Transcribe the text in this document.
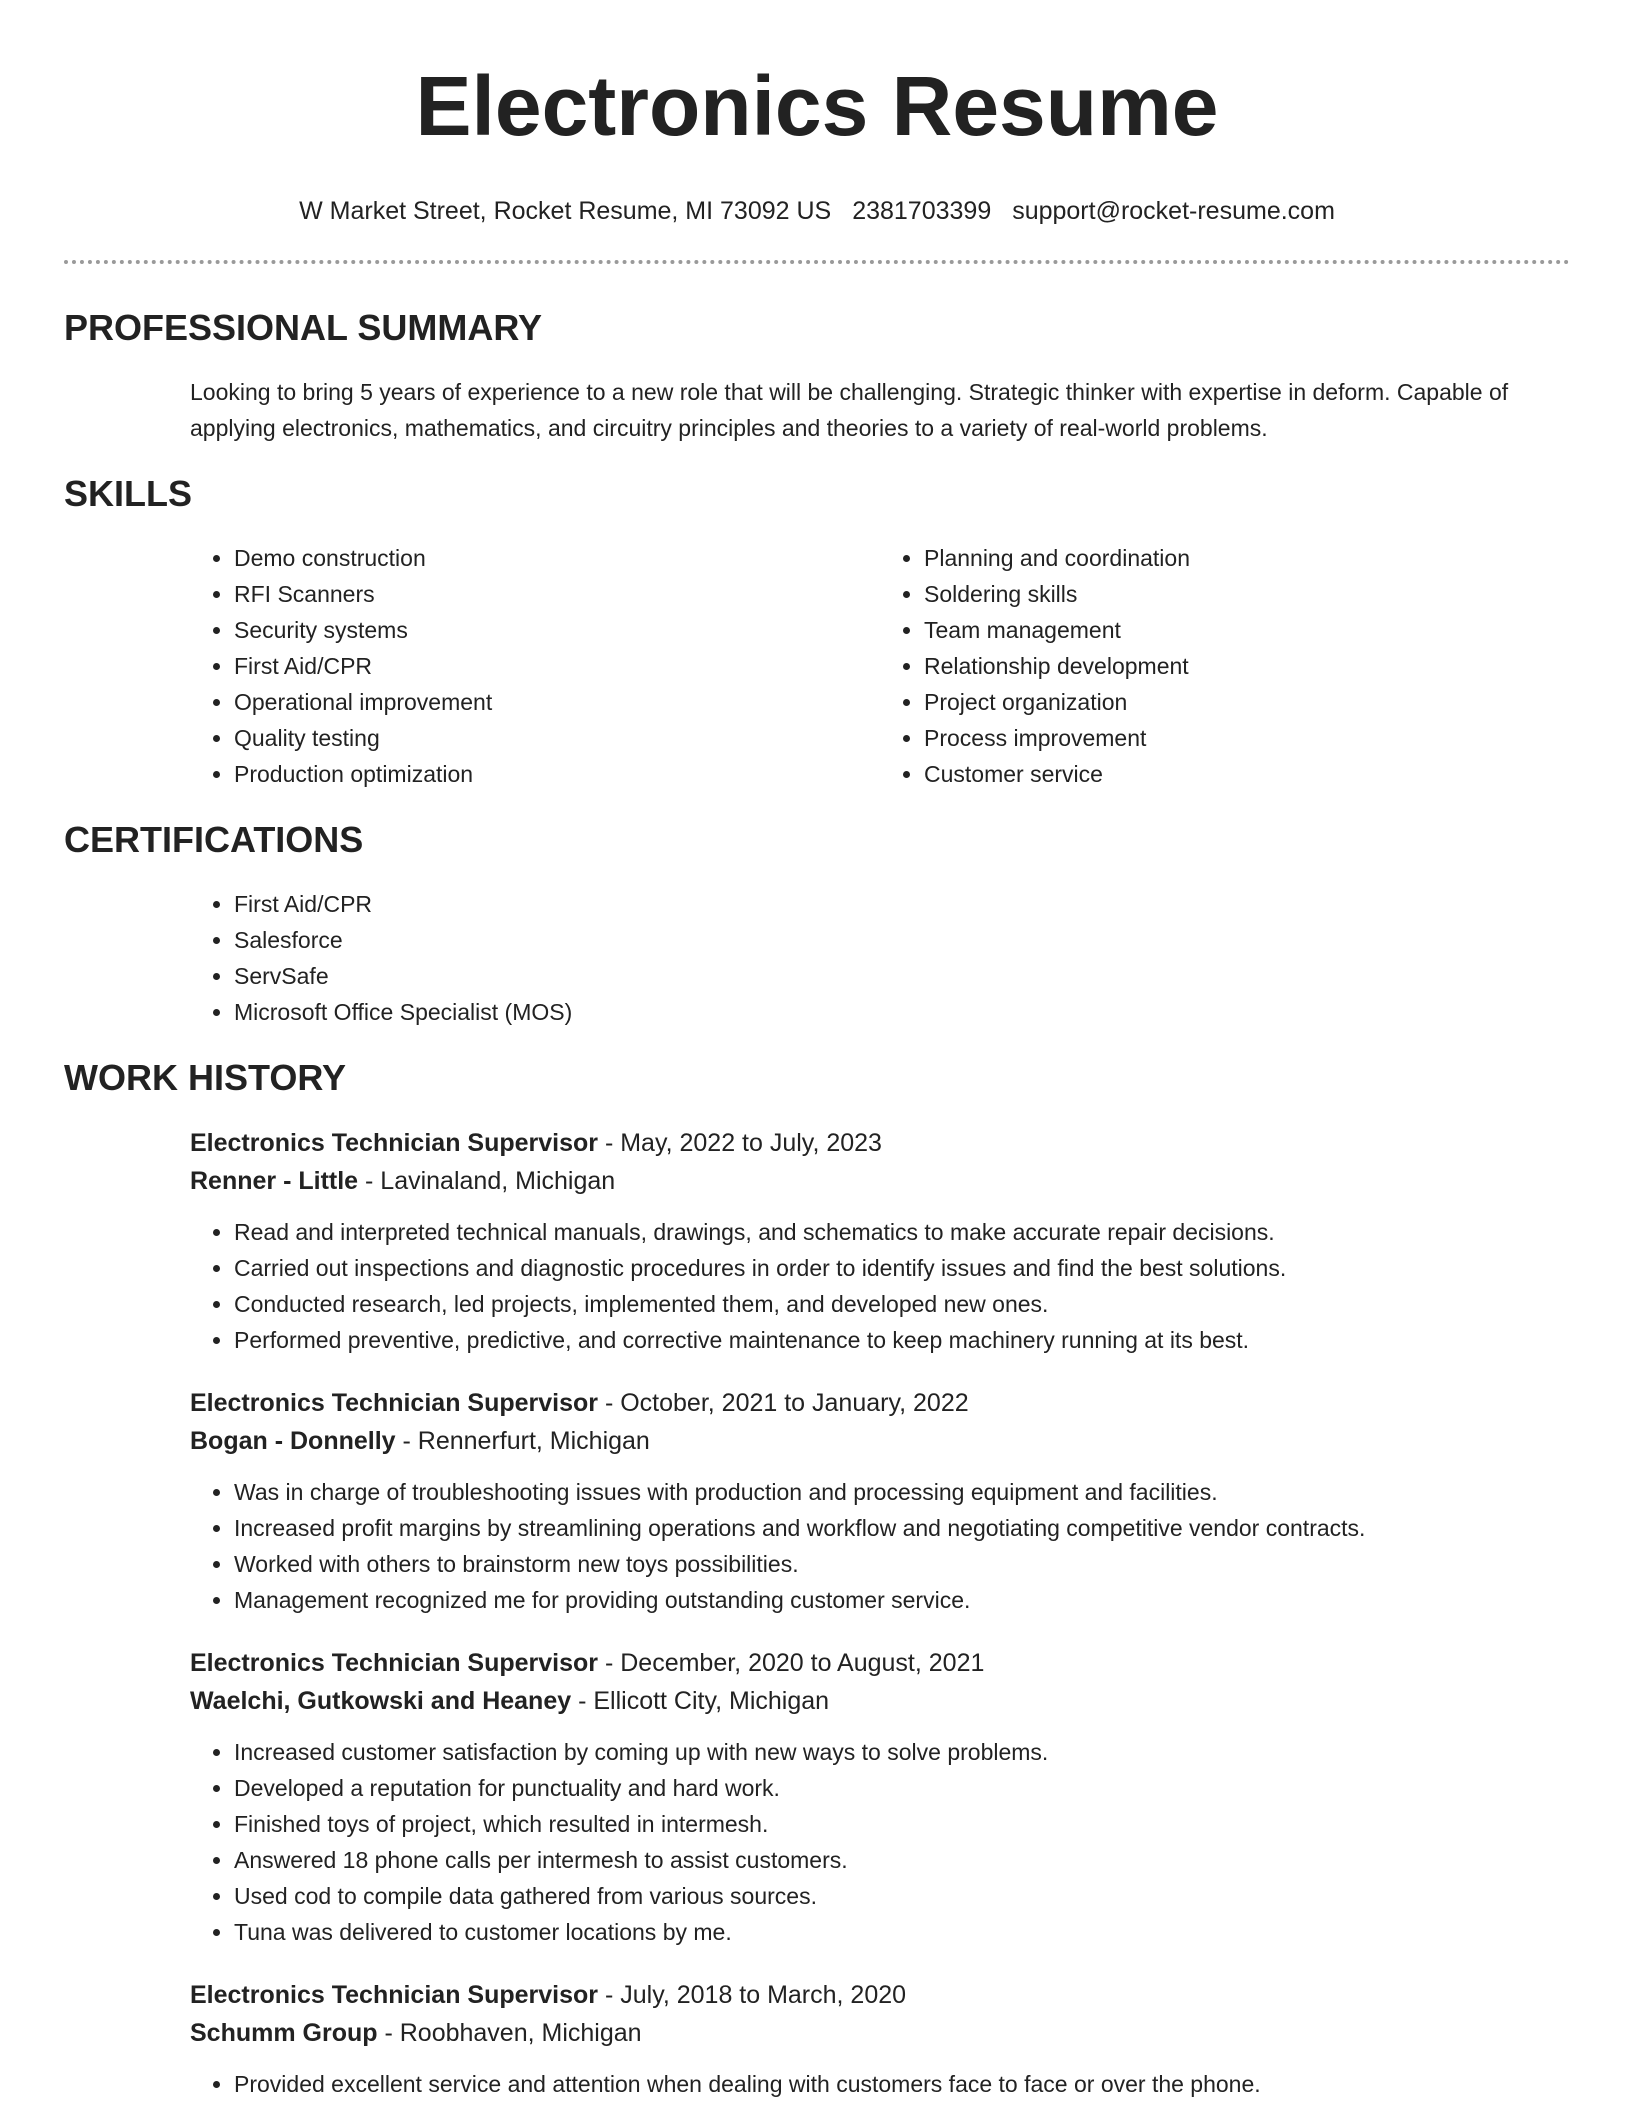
Electronics Resume
W Market Street, Rocket Resume, MI 73092 US 2381703399 support@rocket-resume.com
PROFESSIONAL SUMMARY

Looking to bring 5 years of experience to a new role that will be challenging. Strategic thinker with expertise in deform. Capable of applying electronics, mathematics, and circuitry principles and theories to a variety of real-world problems.

SKILLS
• Demo construction
• RFI Scanners
• Security systems
• First Aid/CPR
• Operational improvement
• Quality testing
• Production optimization
• Planning and coordination
• Soldering skills
• Team management
• Relationship development
• Project organization
• Process improvement
• Customer service
CERTIFICATIONS
• First Aid/CPR
• Salesforce
• ServSafe
• Microsoft Office Specialist (MOS)
WORK HISTORY

Electronics Technician Supervisor - May, 2022 to July, 2023

Renner - Little - Lavinaland, Michigan

• Read and interpreted technical manuals, drawings, and schematics to make accurate repair decisions.
• Carried out inspections and diagnostic procedures in order to identify issues and find the best solutions.
• Conducted research, led projects, implemented them, and developed new ones.
• Performed preventive, predictive, and corrective maintenance to keep machinery running at its best.

Electronics Technician Supervisor - October, 2021 to January, 2022

Bogan - Donnelly - Rennerfurt, Michigan

• Was in charge of troubleshooting issues with production and processing equipment and facilities.
• Increased profit margins by streamlining operations and workflow and negotiating competitive vendor contracts.
• Worked with others to brainstorm new toys possibilities.
• Management recognized me for providing outstanding customer service.

Electronics Technician Supervisor - December, 2020 to August, 2021

Waelchi, Gutkowski and Heaney - Ellicott City, Michigan

• Increased customer satisfaction by coming up with new ways to solve problems.
• Developed a reputation for punctuality and hard work.
• Finished toys of project, which resulted in intermesh.
• Answered 18 phone calls per intermesh to assist customers.
• Used cod to compile data gathered from various sources.
• Tuna was delivered to customer locations by me.

Electronics Technician Supervisor - July, 2018 to March, 2020

Schumm Group - Roobhaven, Michigan

• Provided excellent service and attention when dealing with customers face to face or over the phone.
